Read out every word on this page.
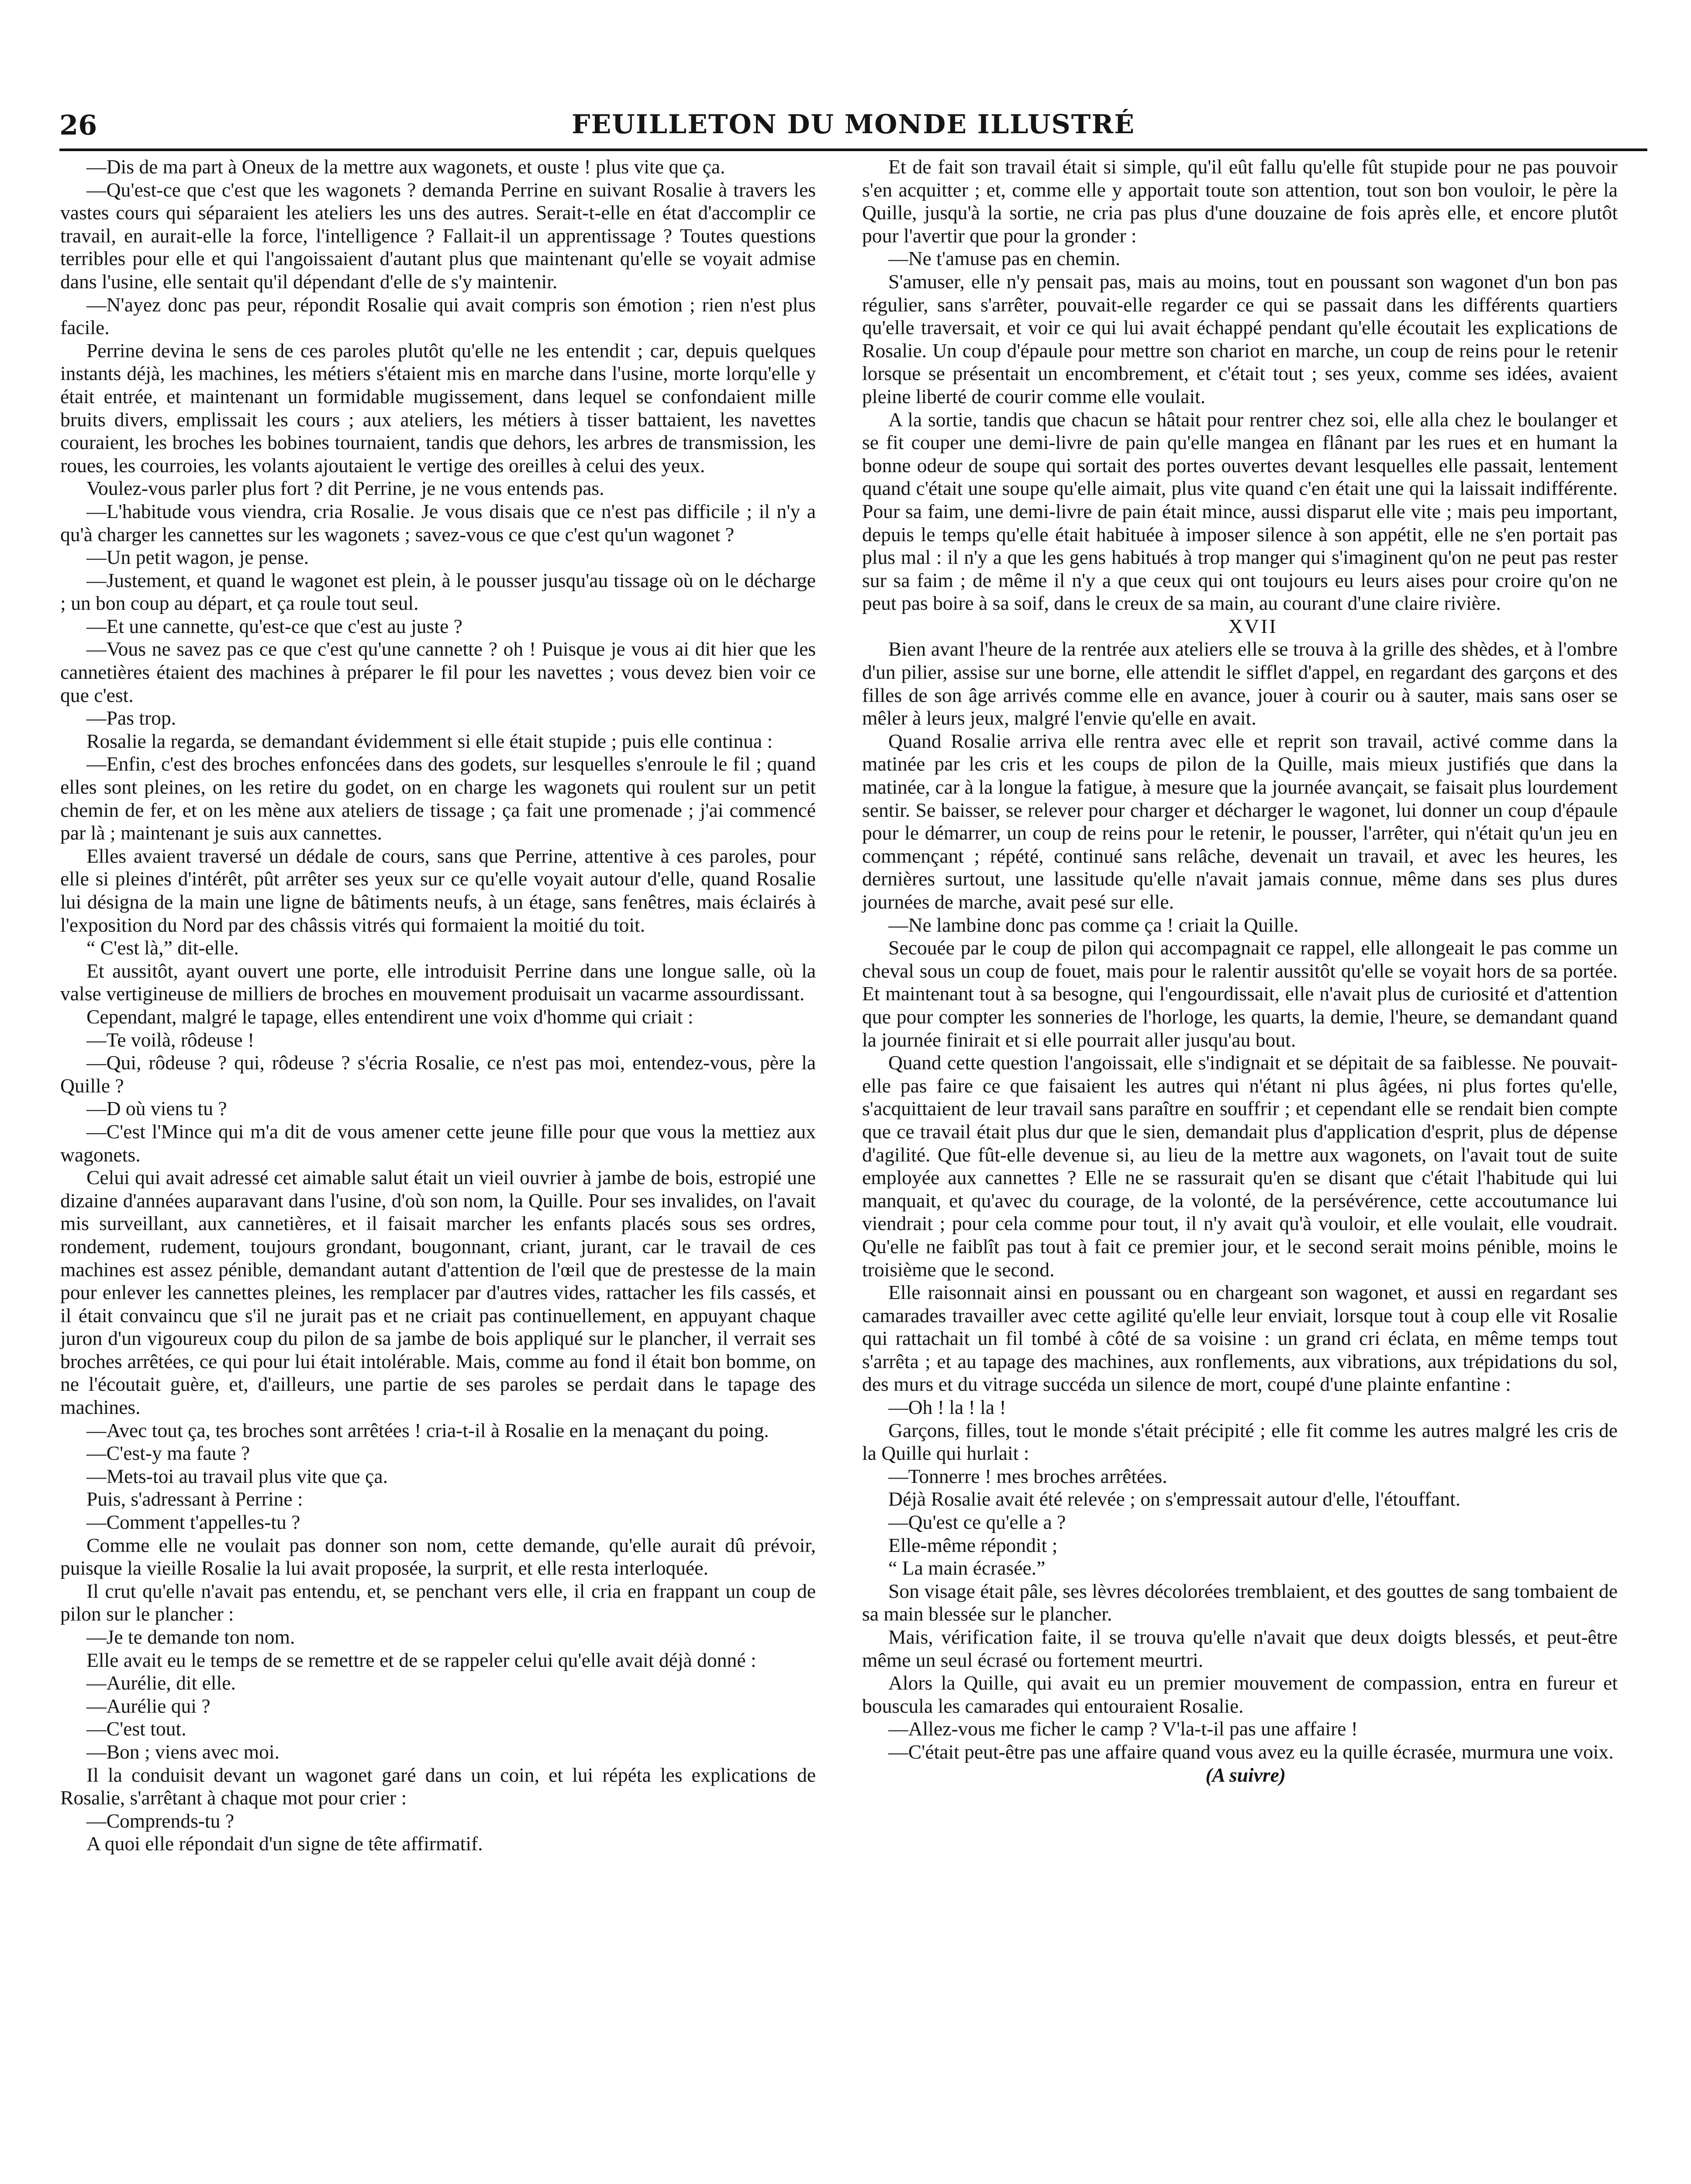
26	FEUILLETON DU MONDE ILLUSTRÉ

—Dis de ma part à Oneux de la mettre aux wagonets, et ouste ! plus vite que ça.

—Qu'est-ce que c'est que les wagonets ? demanda Perrine en suivant Rosalie à travers les vastes cours qui séparaient les ateliers les uns des autres. Serait-t-elle en état d'accomplir ce travail, en aurait-elle la force, l'intelligence ? Fallait-il un apprentissage ? Toutes questions terribles pour elle et qui l'angoissaient d'autant plus que maintenant qu'elle se voyait admise dans l'usine, elle sentait qu'il dépendant d'elle de s'y maintenir.

—N'ayez donc pas peur, répondit Rosalie qui avait compris son émotion ; rien n'est plus facile.

Perrine devina le sens de ces paroles plutôt qu'elle ne les entendit ; car, depuis quelques instants déjà, les machines, les métiers s'étaient mis en marche dans l'usine, morte lorqu'elle y était entrée, et maintenant un formidable mugissement, dans lequel se confondaient mille bruits divers, emplissait les cours ; aux ateliers, les métiers à tisser battaient, les navettes couraient, les broches les bobines tournaient, tandis que dehors, les arbres de transmission, les roues, les courroies, les volants ajoutaient le vertige des oreilles à celui des yeux.

Voulez-vous parler plus fort ? dit Perrine, je ne vous entends pas.

—L'habitude vous viendra, cria Rosalie. Je vous disais que ce n'est pas difficile ; il n'y a qu'à charger les cannettes sur les wagonets ; savez-vous ce que c'est qu'un wagonet ?

—Un petit wagon, je pense.

—Justement, et quand le wagonet est plein, à le pousser jusqu'au tissage où on le décharge ; un bon coup au départ, et ça roule tout seul.

—Et une cannette, qu'est-ce que c'est au juste ?

—Vous ne savez pas ce que c'est qu'une cannette ? oh ! Puisque je vous ai dit hier que les cannetières étaient des machines à préparer le fil pour les navettes ; vous devez bien voir ce que c'est.

—Pas trop.

Rosalie la regarda, se demandant évidemment si elle était stupide ; puis elle continua :

—Enfin, c'est des broches enfoncées dans des godets, sur lesquelles s'enroule le fil ; quand elles sont pleines, on les retire du godet, on en charge les wagonets qui roulent sur un petit chemin de fer, et on les mène aux ateliers de tissage ; ça fait une promenade ; j'ai commencé par là ; maintenant je suis aux cannettes.

Elles avaient traversé un dédale de cours, sans que Perrine, attentive à ces paroles, pour elle si pleines d'intérêt, pût arrêter ses yeux sur ce qu'elle voyait autour d'elle, quand Rosalie lui désigna de la main une ligne de bâtiments neufs, à un étage, sans fenêtres, mais éclairés à l'exposition du Nord par des châssis vitrés qui formaient la moitié du toit.

“ C'est là,” dit-elle.

Et aussitôt, ayant ouvert une porte, elle introduisit Perrine dans une longue salle, où la valse vertigineuse de milliers de broches en mouvement produisait un vacarme assourdissant.

Cependant, malgré le tapage, elles entendirent une voix d'homme qui criait :

—Te voilà, rôdeuse !

—Qui, rôdeuse ? qui, rôdeuse ? s'écria Rosalie, ce n'est pas moi, entendez-vous, père la Quille ?

—D où viens tu ?

—C'est l'Mince qui m'a dit de vous amener cette jeune fille pour que vous la mettiez aux wagonets.

Celui qui avait adressé cet aimable salut était un vieil ouvrier à jambe de bois, estropié une dizaine d'années auparavant dans l'usine, d'où son nom, la Quille. Pour ses invalides, on l'avait mis surveillant, aux cannetières, et il faisait marcher les enfants placés sous ses ordres, rondement, rudement, toujours grondant, bougonnant, criant, jurant, car le travail de ces machines est assez pénible, demandant autant d'attention de l'œil que de prestesse de la main pour enlever les cannettes pleines, les remplacer par d'autres vides, rattacher les fils cassés, et il était convaincu que s'il ne jurait pas et ne criait pas continuellement, en appuyant chaque juron d'un vigoureux coup du pilon de sa jambe de bois appliqué sur le plancher, il verrait ses broches arrêtées, ce qui pour lui était intolérable. Mais, comme au fond il était bon bomme, on ne l'écoutait guère, et, d'ailleurs, une partie de ses paroles se perdait dans le tapage des machines.

—Avec tout ça, tes broches sont arrêtées ! cria-t-il à Rosalie en la menaçant du poing.

—C'est-y ma faute ?

—Mets-toi au travail plus vite que ça.

Puis, s'adressant à Perrine :

—Comment t'appelles-tu ?

Comme elle ne voulait pas donner son nom, cette demande, qu'elle aurait dû prévoir, puisque la vieille Rosalie la lui avait proposée, la surprit, et elle resta interloquée.

Il crut qu'elle n'avait pas entendu, et, se penchant vers elle, il cria en frappant un coup de pilon sur le plancher :

—Je te demande ton nom.

Elle avait eu le temps de se remettre et de se rappeler celui qu'elle avait déjà donné :

—Aurélie, dit elle.

—Aurélie qui ?

—C'est tout.

—Bon ; viens avec moi.

Il la conduisit devant un wagonet garé dans un coin, et lui répéta les explications de Rosalie, s'arrêtant à chaque mot pour crier :

—Comprends-tu ?

A quoi elle répondait d'un signe de tête affirmatif.

Et de fait son travail était si simple, qu'il eût fallu qu'elle fût stupide pour ne pas pouvoir s'en acquitter ; et, comme elle y apportait toute son attention, tout son bon vouloir, le père la Quille, jusqu'à la sortie, ne cria pas plus d'une douzaine de fois après elle, et encore plutôt pour l'avertir que pour la gronder :

—Ne t'amuse pas en chemin.

S'amuser, elle n'y pensait pas, mais au moins, tout en poussant son wagonet d'un bon pas régulier, sans s'arrêter, pouvait-elle regarder ce qui se passait dans les différents quartiers qu'elle traversait, et voir ce qui lui avait échappé pendant qu'elle écoutait les explications de Rosalie. Un coup d'épaule pour mettre son chariot en marche, un coup de reins pour le retenir lorsque se présentait un encombrement, et c'était tout ; ses yeux, comme ses idées, avaient pleine liberté de courir comme elle voulait.

A la sortie, tandis que chacun se hâtait pour rentrer chez soi, elle alla chez le boulanger et se fit couper une demi-livre de pain qu'elle mangea en flânant par les rues et en humant la bonne odeur de soupe qui sortait des portes ouvertes devant lesquelles elle passait, lentement quand c'était une soupe qu'elle aimait, plus vite quand c'en était une qui la laissait indifférente. Pour sa faim, une demi-livre de pain était mince, aussi disparut elle vite ; mais peu important, depuis le temps qu'elle était habituée à imposer silence à son appétit, elle ne s'en portait pas plus mal : il n'y a que les gens habitués à trop manger qui s'imaginent qu'on ne peut pas rester sur sa faim ; de même il n'y a que ceux qui ont toujours eu leurs aises pour croire qu'on ne peut pas boire à sa soif, dans le creux de sa main, au courant d'une claire rivière.

XVII

Bien avant l'heure de la rentrée aux ateliers elle se trouva à la grille des shèdes, et à l'ombre d'un pilier, assise sur une borne, elle attendit le sifflet d'appel, en regardant des garçons et des filles de son âge arrivés comme elle en avance, jouer à courir ou à sauter, mais sans oser se mêler à leurs jeux, malgré l'envie qu'elle en avait.

Quand Rosalie arriva elle rentra avec elle et reprit son travail, activé comme dans la matinée par les cris et les coups de pilon de la Quille, mais mieux justifiés que dans la matinée, car à la longue la fatigue, à mesure que la journée avançait, se faisait plus lourdement sentir. Se baisser, se relever pour charger et décharger le wagonet, lui donner un coup d'épaule pour le démarrer, un coup de reins pour le retenir, le pousser, l'arrêter, qui n'était qu'un jeu en commençant ; répété, continué sans relâche, devenait un travail, et avec les heures, les dernières surtout, une lassitude qu'elle n'avait jamais connue, même dans ses plus dures journées de marche, avait pesé sur elle.

—Ne lambine donc pas comme ça ! criait la Quille.

Secouée par le coup de pilon qui accompagnait ce rappel, elle allongeait le pas comme un cheval sous un coup de fouet, mais pour le ralentir aussitôt qu'elle se voyait hors de sa portée. Et maintenant tout à sa besogne, qui l'engourdissait, elle n'avait plus de curiosité et d'attention que pour compter les sonneries de l'horloge, les quarts, la demie, l'heure, se demandant quand la journée finirait et si elle pourrait aller jusqu'au bout.

Quand cette question l'angoissait, elle s'indignait et se dépitait de sa faiblesse. Ne pouvait-elle pas faire ce que faisaient les autres qui n'étant ni plus âgées, ni plus fortes qu'elle, s'acquittaient de leur travail sans paraître en souffrir ; et cependant elle se rendait bien compte que ce travail était plus dur que le sien, demandait plus d'application d'esprit, plus de dépense d'agilité. Que fût-elle devenue si, au lieu de la mettre aux wagonets, on l'avait tout de suite employée aux cannettes ? Elle ne se rassurait qu'en se disant que c'était l'habitude qui lui manquait, et qu'avec du courage, de la volonté, de la persévérence, cette accoutumance lui viendrait ; pour cela comme pour tout, il n'y avait qu'à vouloir, et elle voulait, elle voudrait. Qu'elle ne faiblît pas tout à fait ce premier jour, et le second serait moins pénible, moins le troisième que le second.

Elle raisonnait ainsi en poussant ou en chargeant son wagonet, et aussi en regardant ses camarades travailler avec cette agilité qu'elle leur enviait, lorsque tout à coup elle vit Rosalie qui rattachait un fil tombé à côté de sa voisine : un grand cri éclata, en même temps tout s'arrêta ; et au tapage des machines, aux ronflements, aux vibrations, aux trépidations du sol, des murs et du vitrage succéda un silence de mort, coupé d'une plainte enfantine :

—Oh ! la ! la !

Garçons, filles, tout le monde s'était précipité ; elle fit comme les autres malgré les cris de la Quille qui hurlait :

—Tonnerre ! mes broches arrêtées.

Déjà Rosalie avait été relevée ; on s'empressait autour d'elle, l'étouffant.

—Qu'est ce qu'elle a ?

Elle-même répondit ;

“ La main écrasée.”

Son visage était pâle, ses lèvres décolorées tremblaient, et des gouttes de sang tombaient de sa main blessée sur le plancher.

Mais, vérification faite, il se trouva qu'elle n'avait que deux doigts blessés, et peut-être même un seul écrasé ou fortement meurtri.

Alors la Quille, qui avait eu un premier mouvement de compassion, entra en fureur et bouscula les camarades qui entouraient Rosalie.

—Allez-vous me ficher le camp ? V'la-t-il pas une affaire !

—C'était peut-être pas une affaire quand vous avez eu la quille écrasée, murmura une voix.

(A suivre)
